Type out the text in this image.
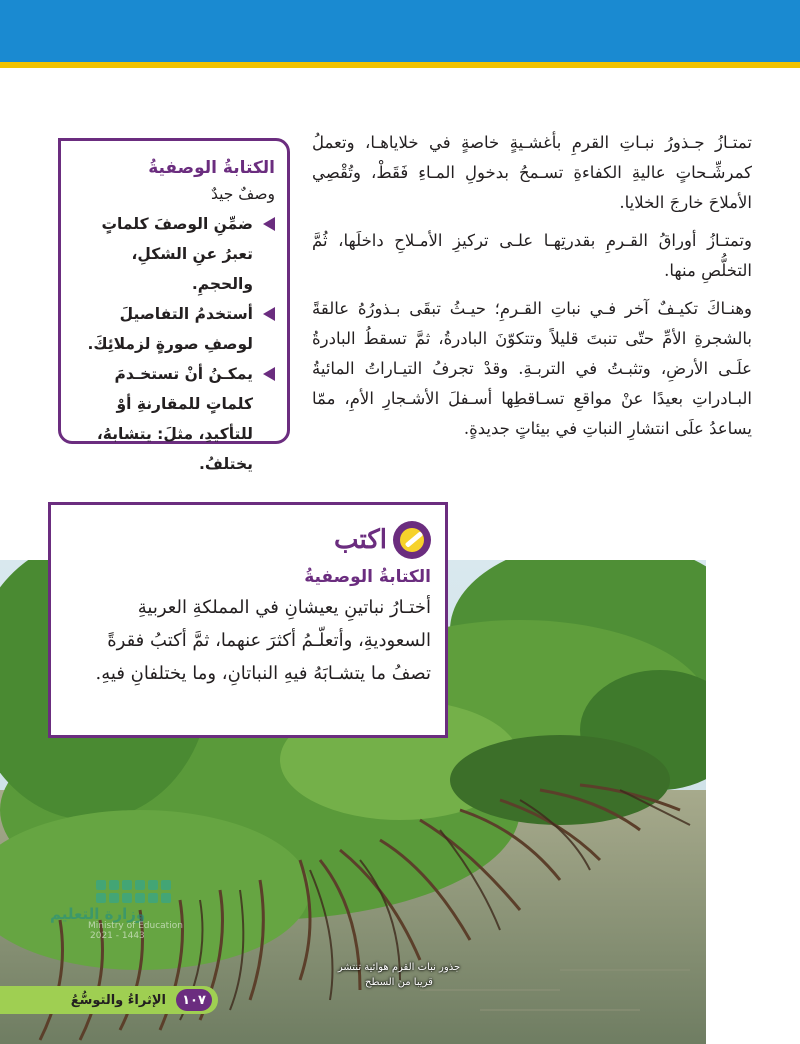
تمتـازُ جـذورُ نبـاتِ القرمِ بأغشـيةٍ خاصةٍ في خلاياهـا، وتعملُ كمرشِّـحاتٍ عاليةِ الكفاءةِ تسـمحُ بدخولِ المـاءِ فَقَطْ، وتُقْصِي الأملاحَ خارجَ الخلايا.

وتمتـازُ أوراقُ القـرمِ بقدرتِهـا علـى تركيزِ الأمـلاحِ داخلَها، ثُمَّ التخلُّصِ منها.

وهنـاكَ تكيـفٌ آخر فـي نباتِ القـرمِ؛ حيـثُ تبقَى بـذورُهُ عالقةً بالشجرةِ الأمِّ حتّى تنبتَ قليلاً وتتكوّنَ البادرةُ، ثمَّ تسقطُ البادرةُ علَـى الأرضِ، وتثبـتُ في التربـةِ. وقدْ تجرفُ التيـاراتُ المائيةُ البـادراتِ بعيدًا عنْ مواقعِ تسـاقطِها أسـفلَ الأشـجارِ الأمِ، ممّا يساعدُ علَى انتشارِ النباتِ في بيئاتٍ جديدةٍ.

الكتابةُ الوصفيةُ
وصفٌ جيدٌ
ضمِّنِ الوصفَ كلماتٍ تعبرُ عنِ الشكلِ، والحجمِ.
أستخدمُ التفاصيلَ لوصفِ صورةٍ لزملائِكَ.
يمكـنُ أنْ تستخـدمَ كلماتٍ للمقارنةِ أوْ للتأكيدِ، مثلَ: يتشابهُ، يختلفُ.
اكتب
الكتابةُ الوصفيةُ
أختـارُ نباتينِ يعيشانِ في المملكةِ العربيةِ السعوديةِ، وأتعلّـمُ أكثرَ عنهما، ثمَّ أكتبُ فقرةً تصفُ ما يتشـابَهُ فيهِ النباتانِ، وما يختلفانِ فيهِ.
وزارة التعليم
Ministry of Education
2021 - 1443
جذور نبات القرم هوائية تنتشر قريبا من السطح
١٠٧
الإثراءُ والتوسُّعُ
